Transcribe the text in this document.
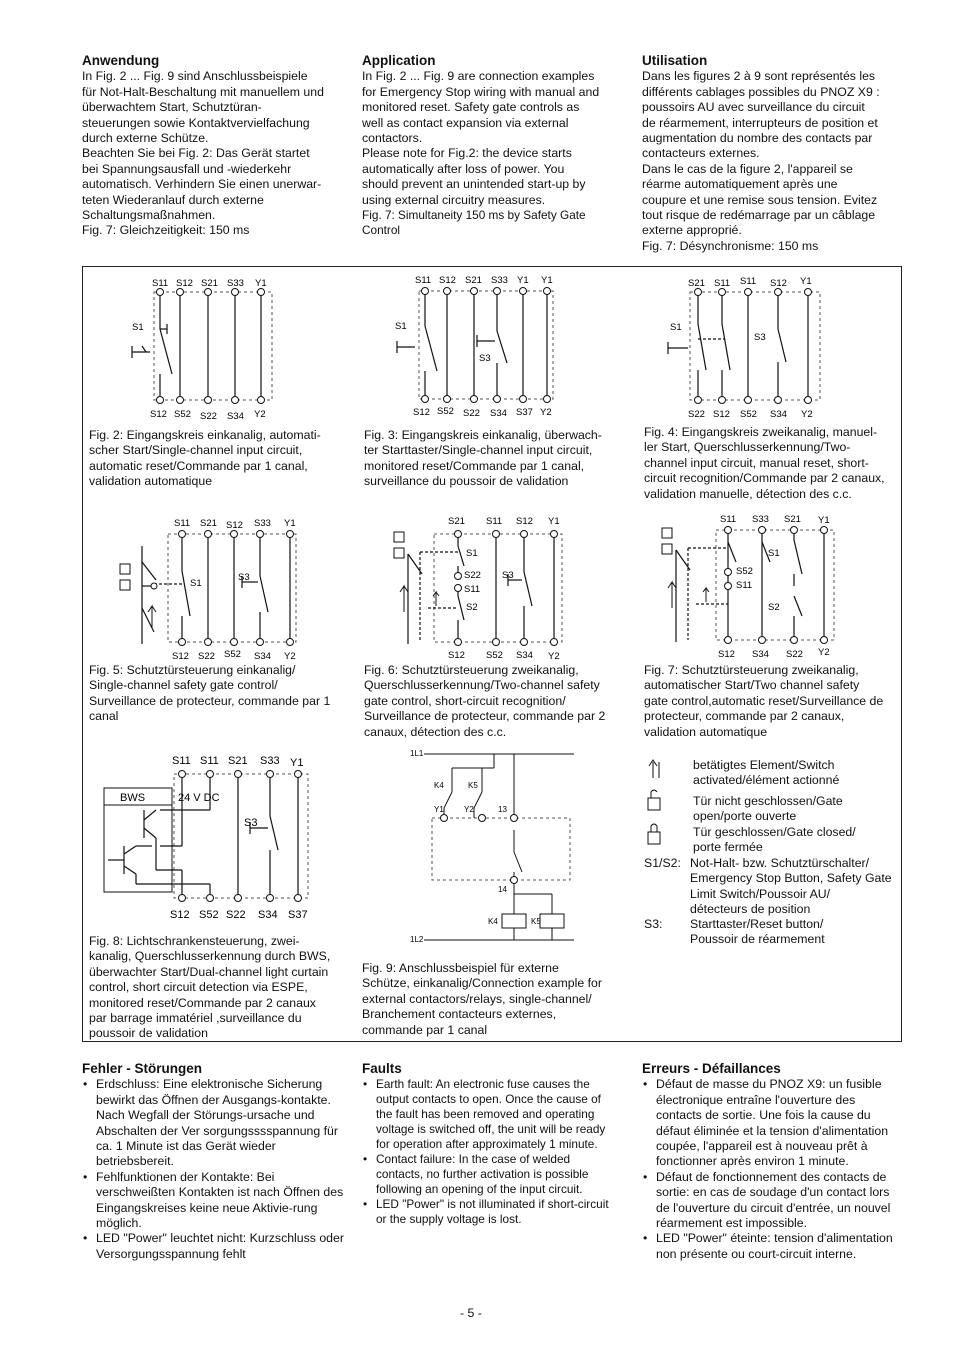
Anwendung
In Fig. 2 ... Fig. 9 sind Anschlussbeispiele
für Not-Halt-Beschaltung mit manuellem und
überwachtem Start, Schutztüran-
steuerungen sowie Kontaktvervielfachung
durch externe Schütze.
Beachten Sie bei Fig. 2: Das Gerät startet
bei Spannungsausfall und -wiederkehr
automatisch. Verhindern Sie einen unerwar-
teten Wiederanlauf durch externe
Schaltungsmaßnahmen.
Fig. 7: Gleichzeitigkeit: 150 ms
Application
In Fig. 2 ... Fig. 9 are connection examples
for Emergency Stop wiring with manual and
monitored reset. Safety gate controls as
well as contact expansion via external
contactors.
Please note for Fig.2: the device starts
automatically after loss of power. You
should prevent an unintended start-up by
using external circuitry measures.
Fig. 7: Simultaneity 150 ms by Safety Gate
Control
Utilisation
Dans les figures 2 à 9 sont représentés les
différents cablages possibles du PNOZ X9 :
poussoirs AU avec surveillance du circuit
de réarmement, interrupteurs de position et
augmentation du nombre des contacts par
contacteurs externes.
Dans le cas de la figure 2, l'appareil se
réarme automatiquement après une
coupure et une remise sous tension. Evitez
tout risque de redémarrage par un câblage
externe approprié.
Fig. 7: Désynchronisme: 150 ms
S11 S12 S21 S33 Y1
S12 S52 S22 S34 Y2
S1
Fig. 2: Eingangskreis einkanalig, automati-
scher Start/Single-channel input circuit,
automatic reset/Commande par 1 canal,
validation automatique
S11 S12 S21 S33 Y1 Y1
S12 S52 S22 S34 S37 Y2
S1
S3
Fig. 3: Eingangskreis einkanalig, überwach-
ter Starttaster/Single-channel input circuit,
monitored reset/Commande par 1 canal,
surveillance du poussoir de validation
S21 S11 S11 S12 Y1
S22 S12 S52 S34 Y2
S1
S3
Fig. 4: Eingangskreis zweikanalig, manuel-
ler Start, Querschlusserkennung/Two-
channel input circuit, manual reset, short-
circuit recognition/Commande par 2 canaux,
validation manuelle, détection des c.c.
S11 S21 S12 S33 Y1
S12 S22 S52 S34 Y2
S1
S3
Fig. 5: Schutztürsteuerung einkanalig/
Single-channel safety gate control/
Surveillance de protecteur, commande par 1
canal
S21 S11 S12 Y1
S12 S52 S34 Y2
S1
S22
S11
S2
S3
Fig. 6: Schutztürsteuerung zweikanalig,
Querschlusserkennung/Two-channel safety
gate control, short-circuit recognition/
Surveillance de protecteur, commande par 2
canaux, détection des c.c.
S11 S33 S21 Y1
S12 S34 S22 Y2
S1
S52
S11
S2
Fig. 7: Schutztürsteuerung zweikanalig,
automatischer Start/Two channel safety
gate control,automatic reset/Surveillance de
protecteur, commande par 2 canaux,
validation automatique
S11 S11 S21 S33 Y1
S12 S52 S22 S34 S37
BWS	24 V DC
S3
Fig. 8: Lichtschrankensteuerung, zwei-
kanalig, Querschlusserkennung durch BWS,
überwachter Start/Dual-channel light curtain
control, short circuit detection via ESPE,
monitored reset/Commande par 2 canaux
par barrage immatériel ,surveillance du
poussoir de validation
1L1
1L2
K4	K5
Y1	Y2	13
14
K4	K5
Fig. 9: Anschlussbeispiel für externe
Schütze, einkanalig/Connection example for
external contactors/relays, single-channel/
Branchement contacteurs externes,
commande par 1 canal
betätigtes Element/Switch
activated/élément actionné
Tür nicht geschlossen/Gate
open/porte ouverte
Tür geschlossen/Gate closed/
porte fermée
S1/S2: Not-Halt- bzw. Schutztürschalter/
Emergency Stop Button, Safety Gate
Limit Switch/Poussoir AU/
détecteurs de position
S3: Starttaster/Reset button/
Poussoir de réarmement
Fehler - Störungen
• Erdschluss: Eine elektronische Sicherung bewirkt das Öffnen der Ausgangs-kontakte. Nach Wegfall der Störungs-ursache und Abschalten der Ver sorgungsssspannung für ca. 1 Minute ist das Gerät wieder betriebsbereit.
• Fehlfunktionen der Kontakte: Bei verschweißten Kontakten ist nach Öffnen des Eingangskreises keine neue Aktivie-rung möglich.
• LED "Power" leuchtet nicht: Kurzschluss oder Versorgungsspannung fehlt
Faults
• Earth fault: An electronic fuse causes the output contacts to open. Once the cause of the fault has been removed and operating voltage is switched off, the unit will be ready for operation after approximately 1 minute.
• Contact failure: In the case of welded contacts, no further activation is possible following an opening of the input circuit.
• LED "Power" is not illuminated if short-circuit or the supply voltage is lost.
Erreurs - Défaillances
• Défaut de masse du PNOZ X9: un fusible électronique entraîne l'ouverture des contacts de sortie. Une fois la cause du défaut éliminée et la tension d'alimentation coupée, l'appareil est à nouveau prêt à fonctionner après environ 1 minute.
• Défaut de fonctionnement des contacts de sortie: en cas de soudage d'un contact lors de l'ouverture du circuit d'entrée, un nouvel réarmement est impossible.
• LED "Power" éteinte: tension d'alimentation non présente ou court-circuit interne.
- 5 -
